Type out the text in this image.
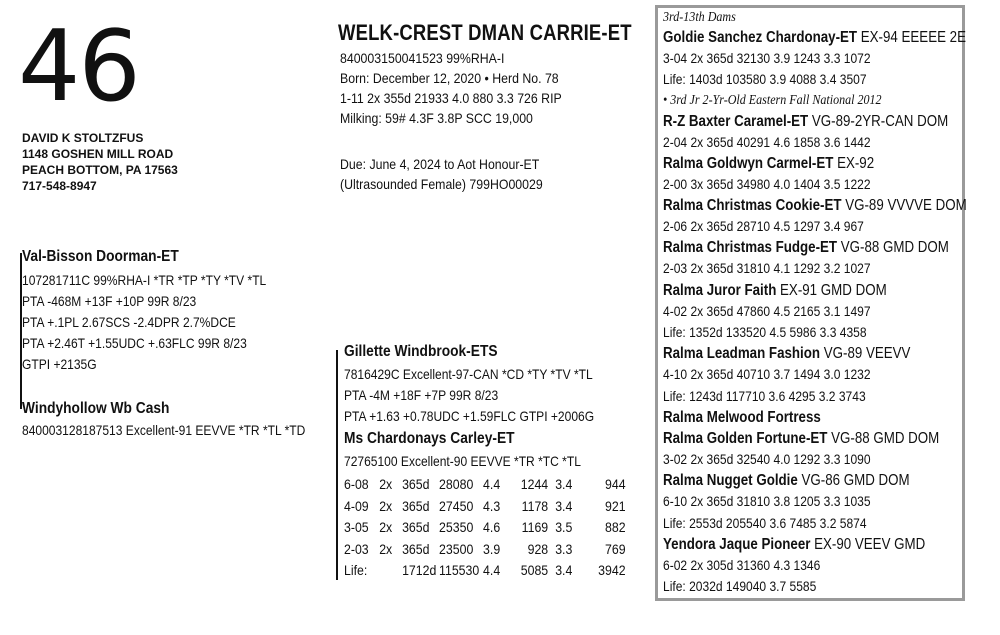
46
DAVID K STOLTZFUS
1148 GOSHEN MILL ROAD
PEACH BOTTOM, PA 17563
717-548-8947
WELK-CREST DMAN CARRIE-ET
840003150041523 99%RHA-I
Born: December 12, 2020 • Herd No. 78
1-11 2x 355d 21933 4.0 880 3.3 726 RIP
Milking: 59# 4.3F 3.8P SCC 19,000
Due: June 4, 2024 to Aot Honour-ET
(Ultrasounded Female) 799HO00029
Val-Bisson Doorman-ET
107281711C 99%RHA-I *TR *TP *TY *TV *TL
PTA -468M +13F +10P 99R 8/23
PTA +.1PL 2.67SCS -2.4DPR 2.7%DCE
PTA +2.46T +1.55UDC +.63FLC 99R 8/23
GTPI +2135G
Windyhollow Wb Cash
840003128187513 Excellent-91 EEVVE *TR *TL *TD
Gillette Windbrook-ETS
7816429C Excellent-97-CAN *CD *TY *TV *TL
PTA -4M +18F +7P 99R 8/23
PTA +1.63 +0.78UDC +1.59FLC GTPI +2006G
Ms Chardonays Carley-ET
72765100 Excellent-90 EEVVE *TR *TC *TL
6-08 2x 365d 28080 4.4	1244 3.4	944
4-09 2x 365d 27450 4.3	1178 3.4	921
3-05 2x 365d 25350 4.6	1169 3.5	882
2-03 2x 365d 23500 3.9	928 3.3	769
Life:	1712d 115530 4.4	5085 3.4	3942
3rd-13th Dams
Goldie Sanchez Chardonay-ET EX-94 EEEEE 2E
3-04 2x 365d 32130 3.9 1243 3.3 1072
Life: 1403d 103580 3.9 4088 3.4 3507
• 3rd Jr 2-Yr-Old Eastern Fall National 2012
R-Z Baxter Caramel-ET VG-89-2YR-CAN DOM
2-04 2x 365d 40291 4.6 1858 3.6 1442
Ralma Goldwyn Carmel-ET EX-92
2-00 3x 365d 34980 4.0 1404 3.5 1222
Ralma Christmas Cookie-ET VG-89 VVVVE DOM
2-06 2x 365d 28710 4.5 1297 3.4 967
Ralma Christmas Fudge-ET VG-88 GMD DOM
2-03 2x 365d 31810 4.1 1292 3.2 1027
Ralma Juror Faith EX-91 GMD DOM
4-02 2x 365d 47860 4.5 2165 3.1 1497
Life: 1352d 133520 4.5 5986 3.3 4358
Ralma Leadman Fashion VG-89 VEEVV
4-10 2x 365d 40710 3.7 1494 3.0 1232
Life: 1243d 117710 3.6 4295 3.2 3743
Ralma Melwood Fortress
Ralma Golden Fortune-ET VG-88 GMD DOM
3-02 2x 365d 32540 4.0 1292 3.3 1090
Ralma Nugget Goldie VG-86 GMD DOM
6-10 2x 365d 31810 3.8 1205 3.3 1035
Life: 2553d 205540 3.6 7485 3.2 5874
Yendora Jaque Pioneer EX-90 VEEV GMD
6-02 2x 305d 31360 4.3 1346
Life: 2032d 149040 3.7 5585
